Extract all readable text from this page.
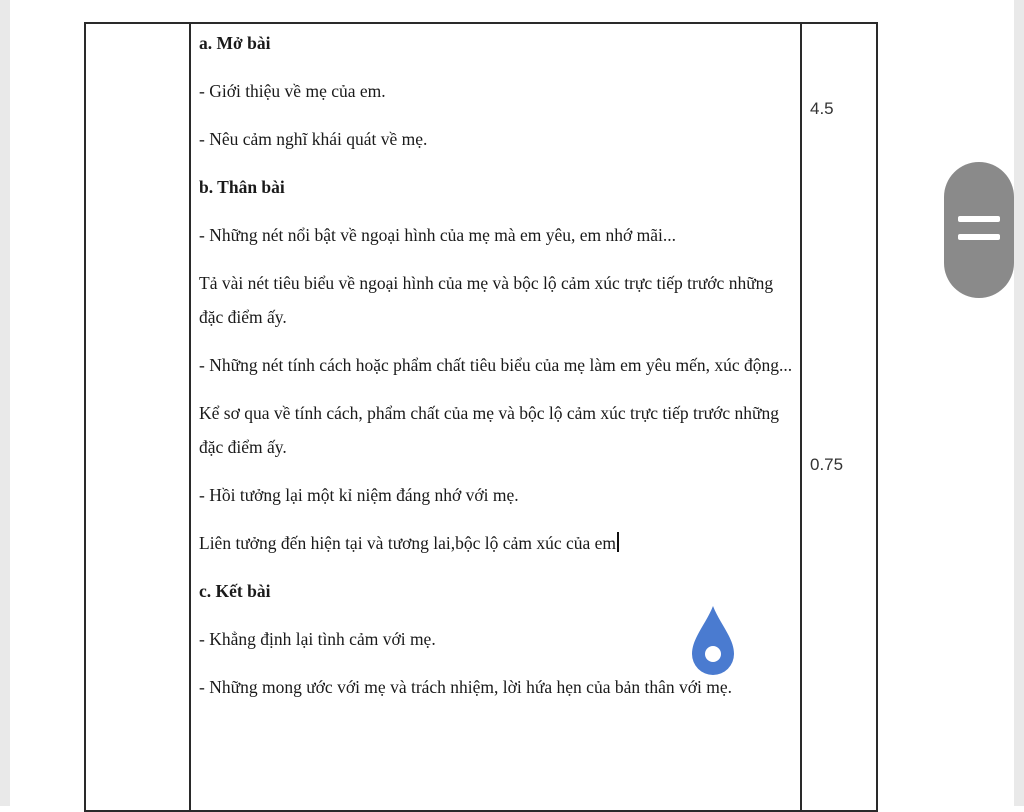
a. Mở bài

- Giới thiệu về mẹ của em.

- Nêu cảm nghĩ khái quát về mẹ.

b. Thân bài

- Những nét nổi bật về ngoại hình của mẹ mà em yêu, em nhớ mãi...

Tả vài nét tiêu biểu về ngoại hình của mẹ và bộc lộ cảm xúc trực tiếp trước những đặc điểm ấy.

- Những nét tính cách hoặc phẩm chất tiêu biểu của mẹ làm em yêu mến, xúc động...

Kể sơ qua về tính cách, phẩm chất của mẹ và bộc lộ cảm xúc trực tiếp trước những đặc điểm ấy.

- Hồi tưởng lại một kỉ niệm đáng nhớ với mẹ.

Liên tưởng đến hiện tại và tương lai,bộc lộ cảm xúc của em

c. Kết bài

- Khẳng định lại tình cảm với mẹ.

- Những mong ước với mẹ và trách nhiệm, lời hứa hẹn của bản thân với mẹ.

4.5
0.75
